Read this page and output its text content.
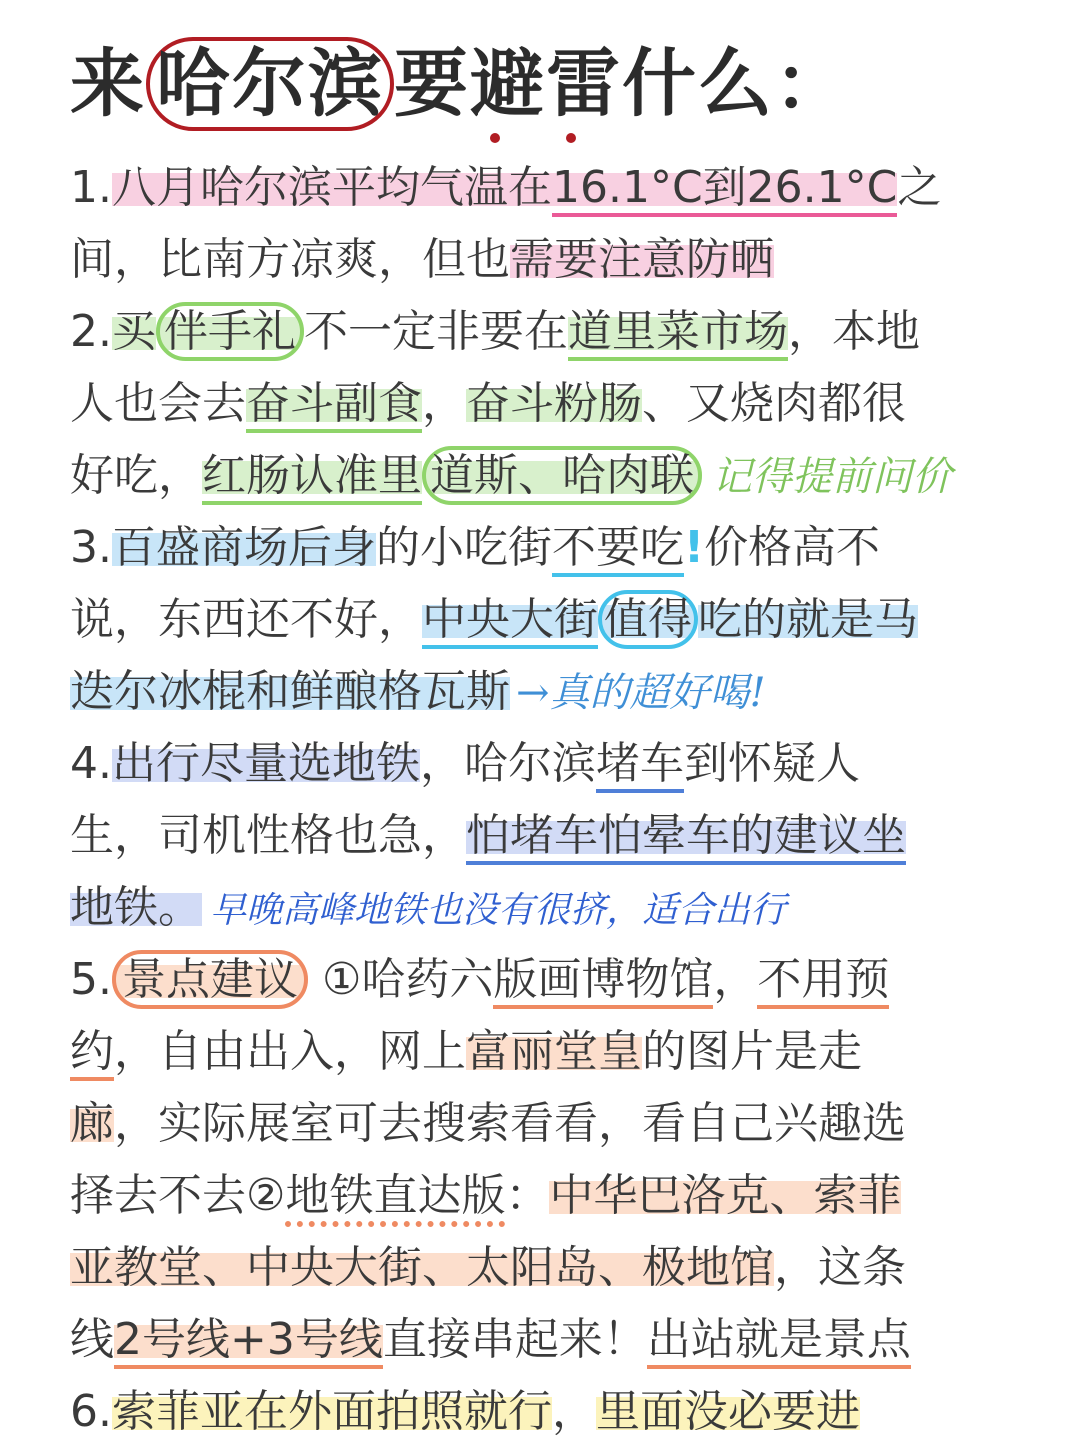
来 哈尔滨 要避雷
什么：
1.八月哈尔滨平均气温在16.1°C到26.1°C之
间，比南方凉爽，但也需要注意防晒
2.买 伴手礼 不一定非要在道里菜市场，本地
人也会去奋斗副食，奋斗粉肠、又烧肉都很
好吃，红肠认准里 道斯、哈肉联 记得提前问价
3.百盛商场后身的小吃街不要吃!价格高不
说，东西还不好，中央大街 值得 吃的就是马
迭尔冰棍和鲜酿格瓦斯 →真的超好喝!
4.出行尽量选地铁，哈尔滨堵车到怀疑人
生，司机性格也急，怕堵车怕晕车的建议坐
地铁。 早晚高峰地铁也没有很挤，适合出行
5. 景点建议 ①哈药六版画博物馆，不用预
约，自由出入，网上富丽堂皇的图片是走
廊，实际展室可去搜索看看，看自己兴趣选
择去不去②地铁直达版：中华巴洛克、索菲
亚教堂、中央大街、太阳岛、极地馆，这条
线2号线+3号线直接串起来！出站就是景点
6.索菲亚在外面拍照就行，里面没必要进
